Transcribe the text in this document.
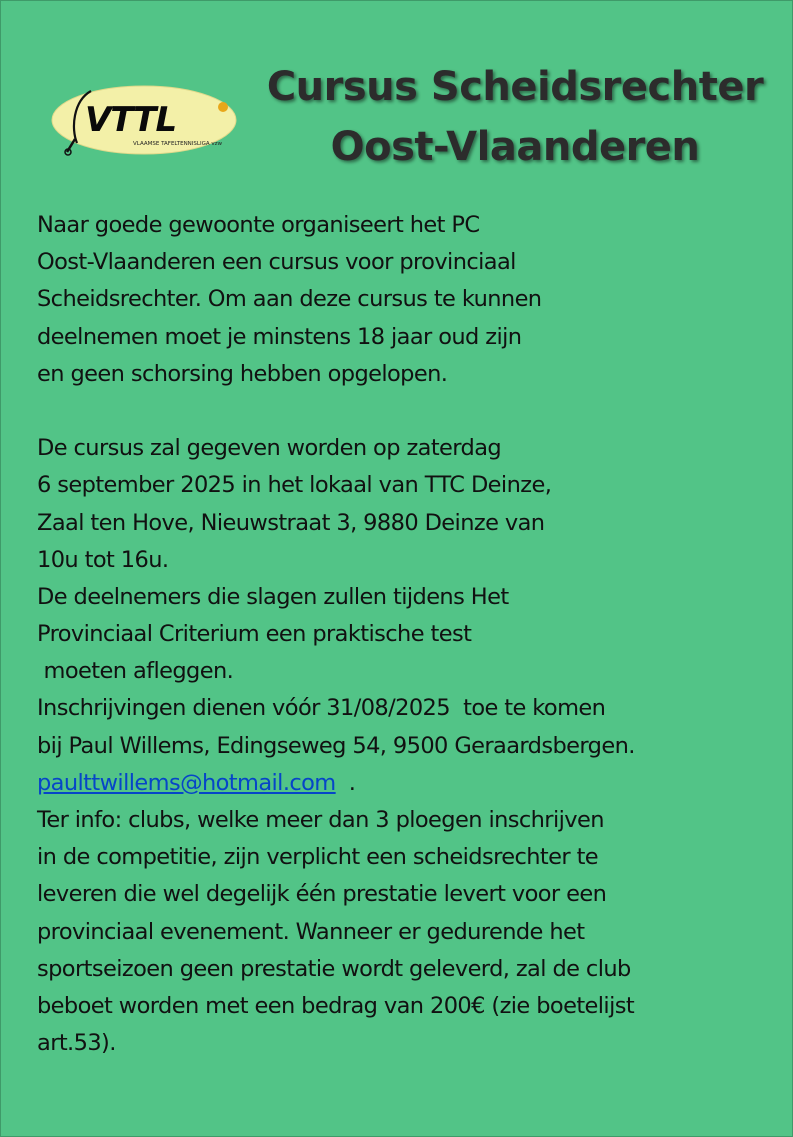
VTTL
VLAAMSE TAFELTENNISLIGA vzw
Cursus Scheidsrechter
Oost-Vlaanderen
Naar goede gewoonte organiseert het PC
Oost-Vlaanderen een cursus voor provinciaal
Scheidsrechter. Om aan deze cursus te kunnen
deelnemen moet je minstens 18 jaar oud zijn
en geen schorsing hebben opgelopen.
De cursus zal gegeven worden op zaterdag
6 september 2025 in het lokaal van TTC Deinze,
Zaal ten Hove, Nieuwstraat 3, 9880 Deinze van
10u tot 16u.
De deelnemers die slagen zullen tijdens Het
Provinciaal Criterium een praktische test
moeten afleggen.
Inschrijvingen dienen vóór 31/08/2025  toe te komen
bij Paul Willems, Edingseweg 54, 9500 Geraardsbergen.
paulttwillems@hotmail.com  .
Ter info: clubs, welke meer dan 3 ploegen inschrijven
in de competitie, zijn verplicht een scheidsrechter te
leveren die wel degelijk één prestatie levert voor een
provinciaal evenement. Wanneer er gedurende het
sportseizoen geen prestatie wordt geleverd, zal de club
beboet worden met een bedrag van 200€ (zie boetelijst
art.53).
